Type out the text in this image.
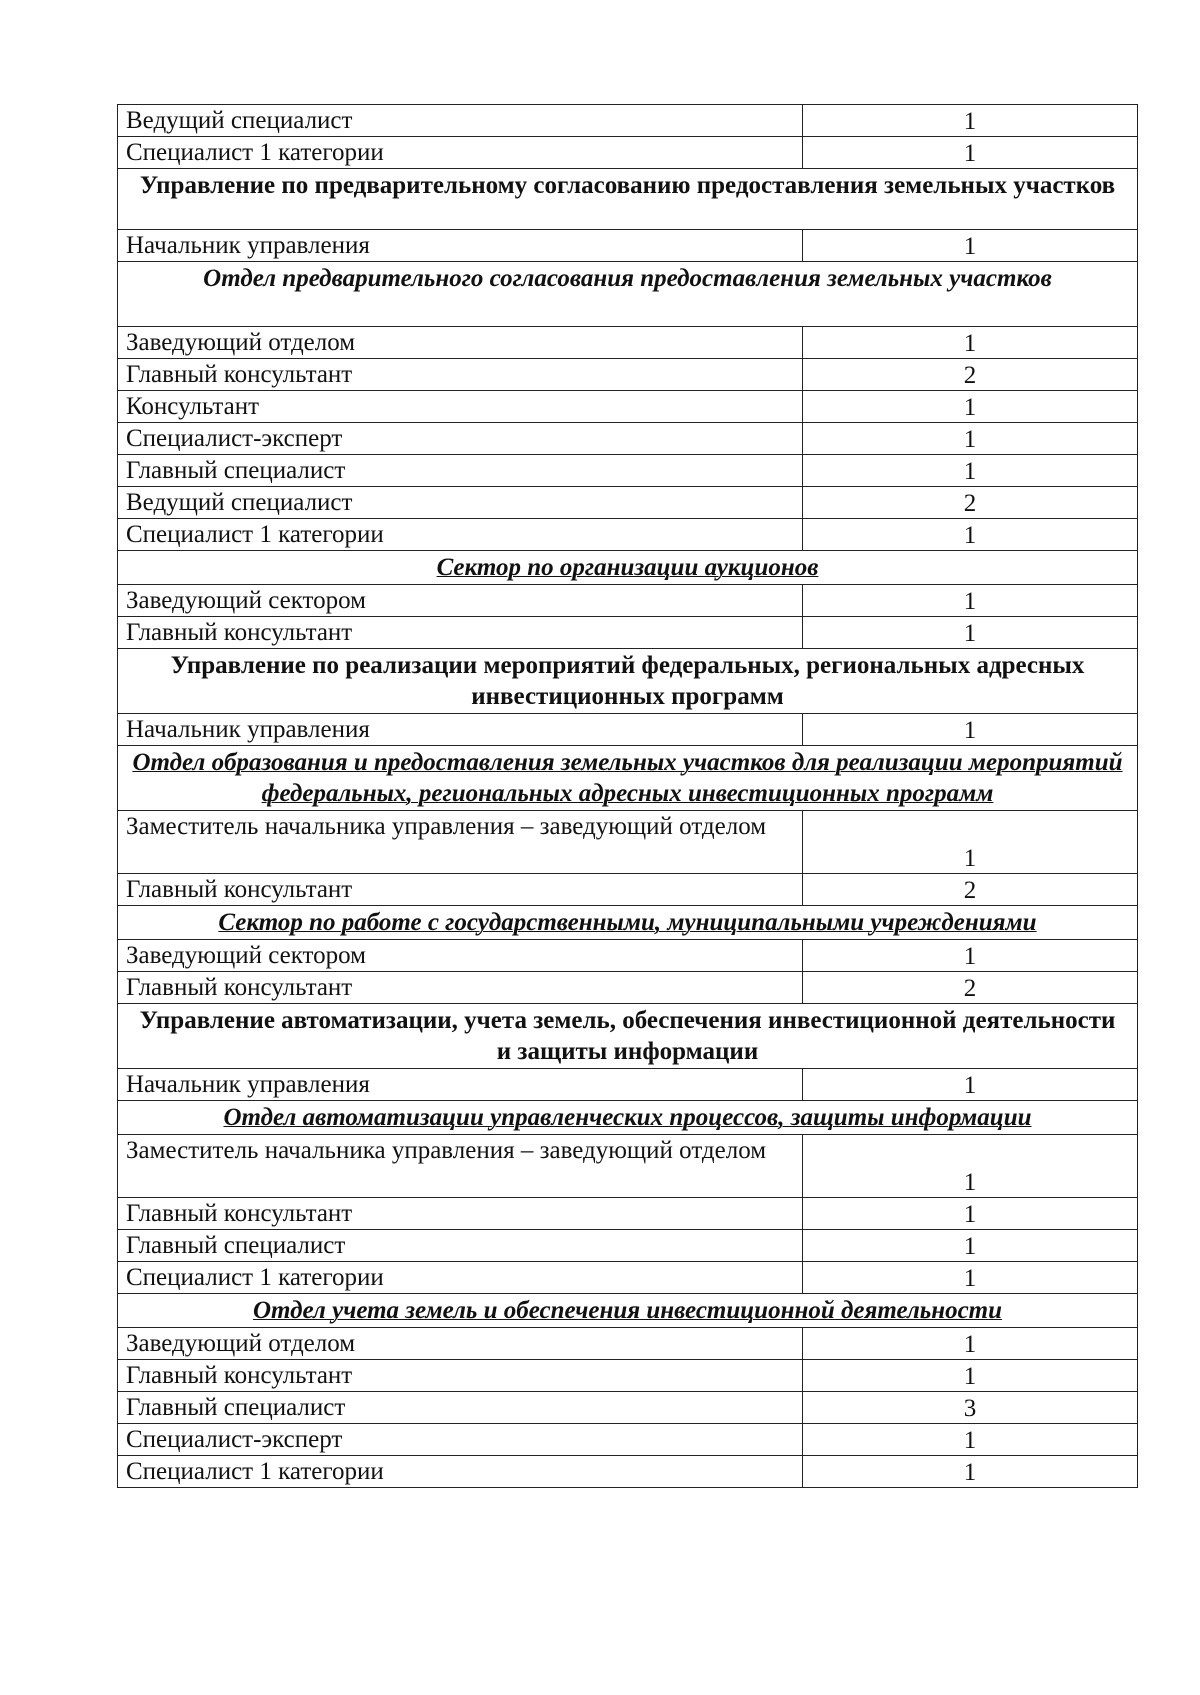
Ведущий специалист	1
Специалист 1 категории	1
Управление по предварительному согласованию предоставления земельных участков	
Начальник управления	1
Отдел предварительного согласования предоставления земельных участков	
Заведующий отделом	1
Главный консультант	2
Консультант	1
Специалист-эксперт	1
Главный специалист	1
Ведущий специалист	2
Специалист 1 категории	1
Сектор по организации аукционов	
Заведующий сектором	1
Главный консультант	1
Управление по реализации мероприятий федеральных, региональных адресных инвестиционных программ	
Начальник управления	1
Отдел образования и предоставления земельных участков для реализации мероприятий федеральных, региональных адресных инвестиционных программ	
Заместитель начальника управления – заведующий отделом	1
Главный консультант	2
Сектор по работе с государственными, муниципальными учреждениями	
Заведующий сектором	1
Главный консультант	2
Управление автоматизации, учета земель, обеспечения инвестиционной деятельности и защиты информации	
Начальник управления	1
Отдел автоматизации управленческих процессов, защиты информации	
Заместитель начальника управления – заведующий отделом	1
Главный консультант	1
Главный специалист	1
Специалист 1 категории	1
Отдел учета земель и обеспечения инвестиционной деятельности	
Заведующий отделом	1
Главный консультант	1
Главный специалист	3
Специалист-эксперт	1
Специалист 1 категории	1
